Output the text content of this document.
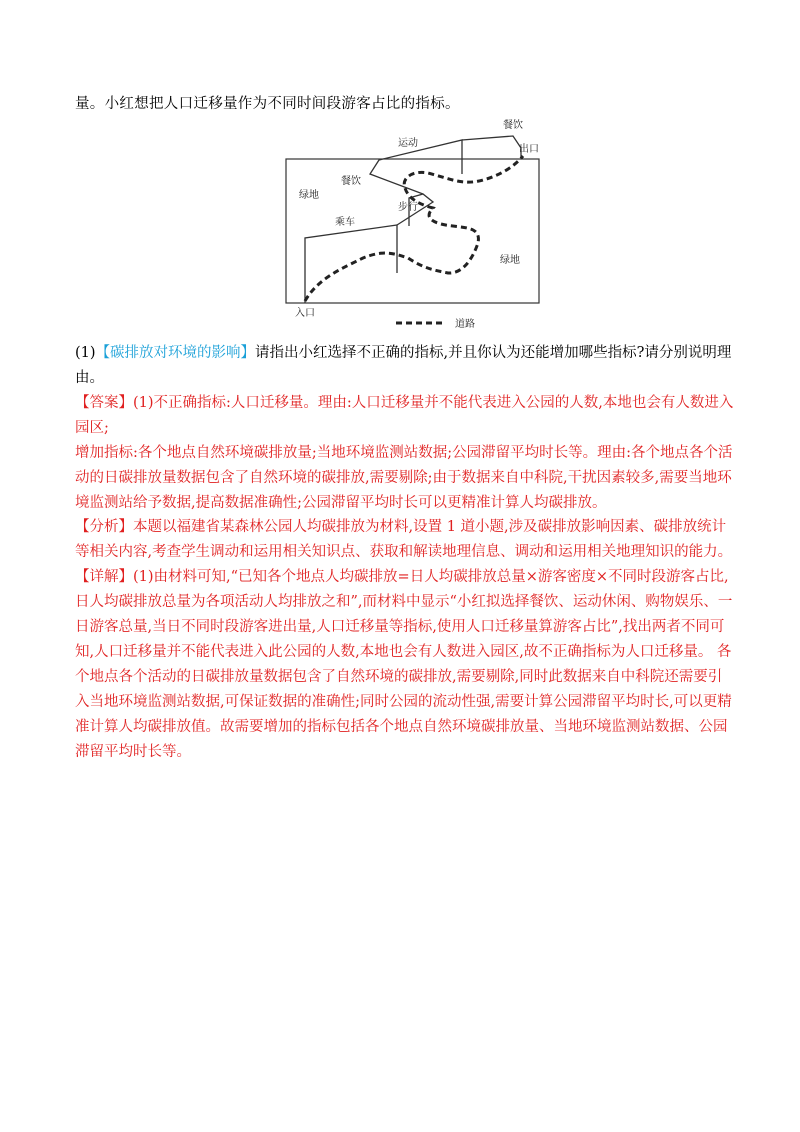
量。小红想把人口迁移量作为不同时间段游客占比的指标。

运动
餐饮
出口
餐饮
绿地
步行
乘车
绿地
入口
道路
(1)【碳排放对环境的影响】请指出小红选择不正确的指标,并且你认为还能增加哪些指标?请分别说明理由。

【答案】(1)不正确指标:人口迁移量。理由:人口迁移量并不能代表进入公园的人数,本地也会有人数进入园区;

增加指标:各个地点自然环境碳排放量;当地环境监测站数据;公园滞留平均时长等。理由:各个地点各个活动的日碳排放量数据包含了自然环境的碳排放,需要剔除;由于数据来自中科院,干扰因素较多,需要当地环境监测站给予数据,提高数据准确性;公园滞留平均时长可以更精准计算人均碳排放。

【分析】本题以福建省某森林公园人均碳排放为材料,设置 1 道小题,涉及碳排放影响因素、碳排放统计等相关内容,考查学生调动和运用相关知识点、获取和解读地理信息、调动和运用相关地理知识的能力。
【详解】(1)由材料可知,“已知各个地点人均碳排放=日人均碳排放总量×游客密度×不同时段游客占比,日人均碳排放总量为各项活动人均排放之和”,而材料中显示“小红拟选择餐饮、运动休闲、购物娱乐、一日游客总量,当日不同时段游客进出量,人口迁移量等指标,使用人口迁移量算游客占比”,找出两者不同可知,人口迁移量并不能代表进入此公园的人数,本地也会有人数进入园区,故不正确指标为人口迁移量。 各个地点各个活动的日碳排放量数据包含了自然环境的碳排放,需要剔除,同时此数据来自中科院还需要引入当地环境监测站数据,可保证数据的准确性;同时公园的流动性强,需要计算公园滞留平均时长,可以更精准计算人均碳排放值。故需要增加的指标包括各个地点自然环境碳排放量、当地环境监测站数据、公园滞留平均时长等。
